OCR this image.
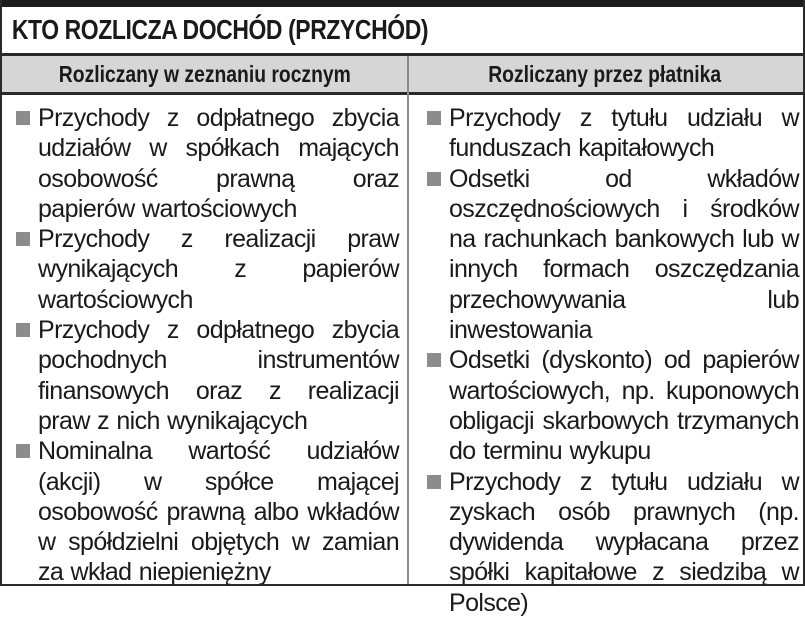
KTO ROZLICZA DOCHÓD (PRZYCHÓD)
Rozliczany w zeznaniu rocznym	Rozliczany przez płatnika
Przychody z odpłatnego zbycia udziałów w spółkach mających osobowość prawną oraz papierów wartościowych
Przychody z realizacji praw wynikających z papierów wartościowych
Przychody z odpłatnego zbycia pochodnych instrumentów finansowych oraz z realizacji praw z nich wynikających
Nominalna wartość udziałów (akcji) w spółce mającej osobowość prawną albo wkładów w spółdzielni objętych w zamian za wkład niepieniężny
Przychody z tytułu udziału w funduszach kapitałowych
Odsetki od wkładów oszczędnościowych i środków na rachunkach bankowych lub w innych formach oszczędzania przechowywania lub inwestowania
Odsetki (dyskonto) od papierów wartościowych, np. kuponowych obligacji skarbowych trzymanych do terminu wykupu
Przychody z tytułu udziału w zyskach osób prawnych (np. dywidenda wypłacana przez spółki kapitałowe z siedzibą w Polsce)
